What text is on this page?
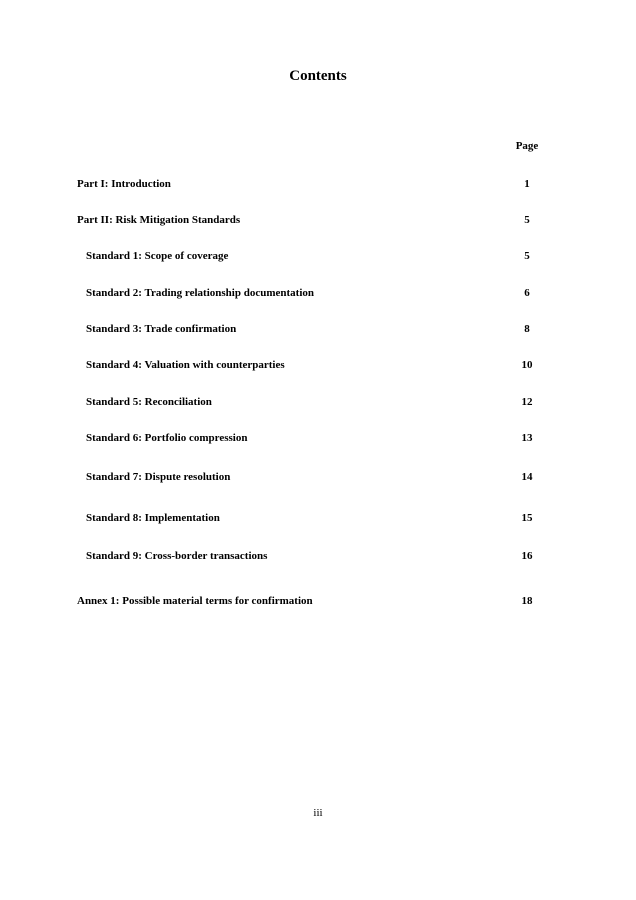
Contents
Page
Part I: Introduction	1
Part II: Risk Mitigation Standards	5
Standard 1: Scope of coverage	5
Standard 2: Trading relationship documentation	6
Standard 3: Trade confirmation	8
Standard 4: Valuation with counterparties	10
Standard 5: Reconciliation	12
Standard 6: Portfolio compression	13
Standard 7: Dispute resolution	14
Standard 8: Implementation	15
Standard 9: Cross-border transactions	16
Annex 1: Possible material terms for confirmation	18
iii
